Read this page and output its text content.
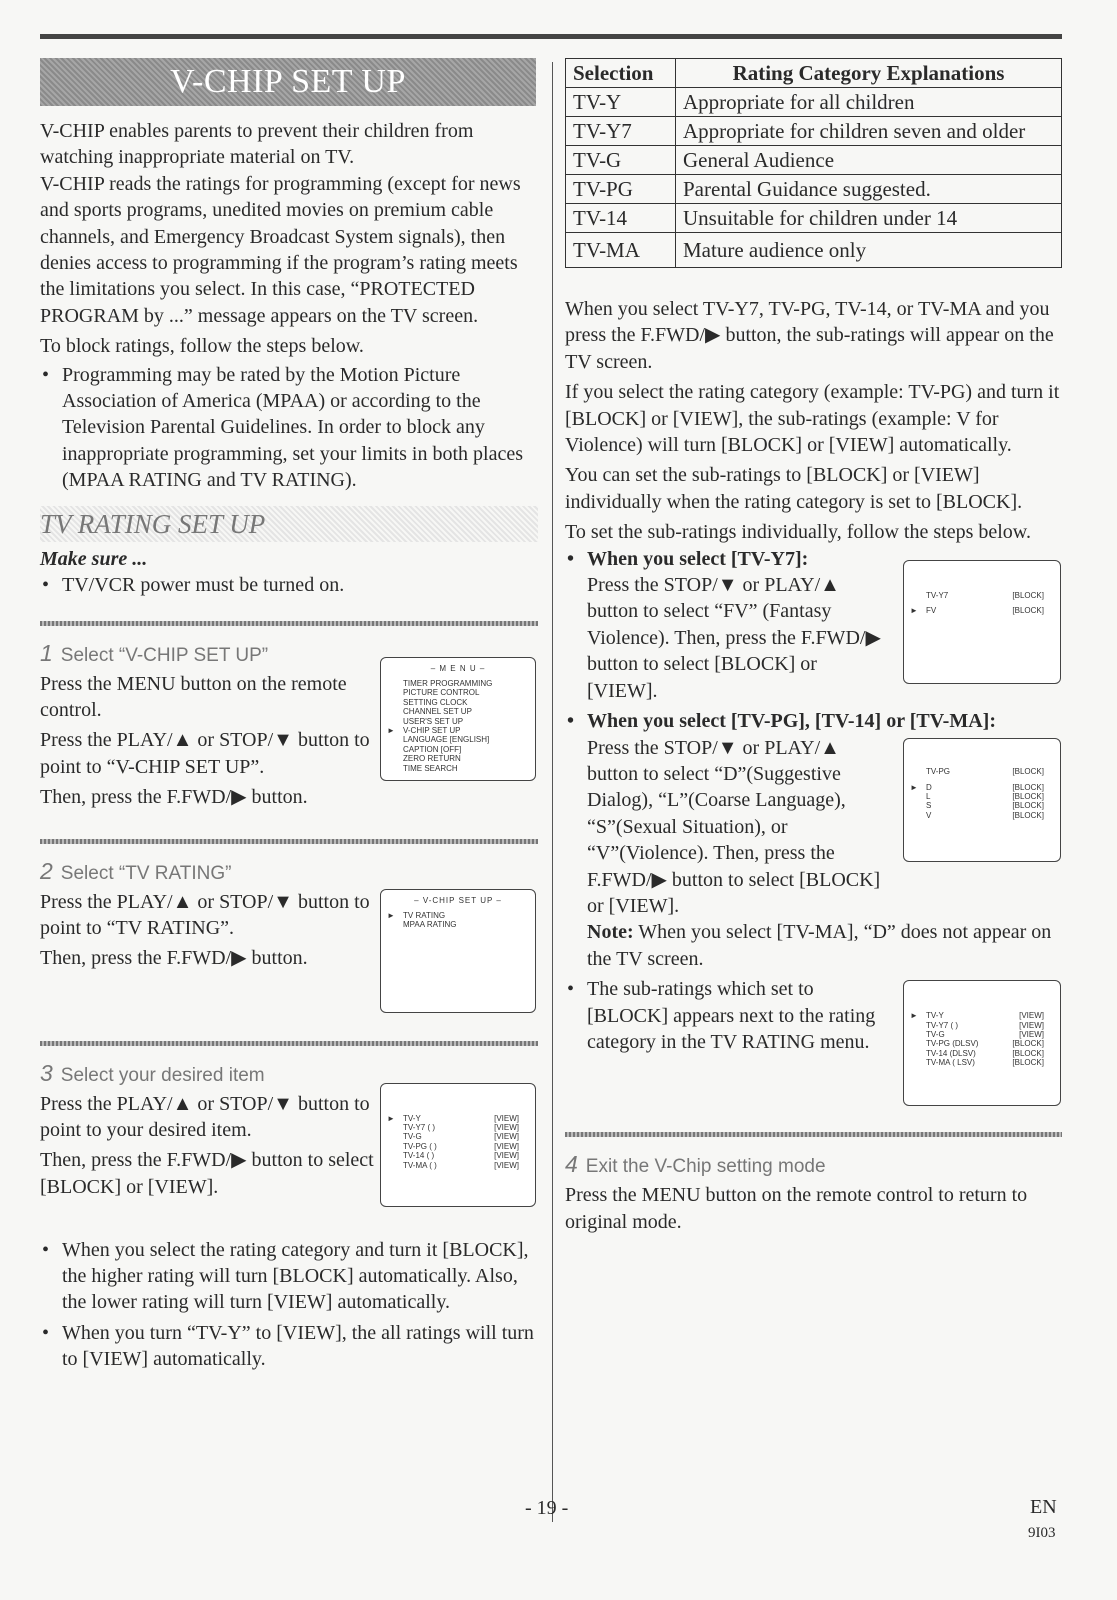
V-CHIP SET UP

V-CHIP enables parents to prevent their children from watching inappropriate material on TV.

V-CHIP reads the ratings for programming (except for news and sports programs, unedited movies on premium cable channels, and Emergency Broadcast System signals), then denies access to programming if the program’s rating meets the limitations you select. In this case, “PROTECTED PROGRAM by ...” message appears on the TV screen.

To block ratings, follow the steps below.

• Programming may be rated by the Motion Picture Association of America (MPAA) or according to the Television Parental Guidelines. In order to block any inappropriate programming, set your limits in both places (MPAA RATING and TV RATING).

TV RATING SET UP

Make sure ...

• TV/VCR power must be turned on.

1 Select “V-CHIP SET UP”

Press the MENU button on the remote control.

Press the PLAY/▲ or STOP/▼ button to point to “V-CHIP SET UP”.

Then, press the F.FWD/▶ button.

– M E N U –
TIMER PROGRAMMING
PICTURE CONTROL
SETTING CLOCK
CHANNEL SET UP
USER'S SET UP
► V-CHIP SET UP
LANGUAGE [ENGLISH]
CAPTION [OFF]
ZERO RETURN
TIME SEARCH
2 Select “TV RATING”

Press the PLAY/▲ or STOP/▼ button to point to “TV RATING”.

Then, press the F.FWD/▶ button.

– V-CHIP SET UP –
► TV RATING
MPAA RATING
3 Select your desired item

Press the PLAY/▲ or STOP/▼ button to point to your desired item.

Then, press the F.FWD/▶ button to select [BLOCK] or [VIEW].

► TV-Y	[VIEW]
TV-Y7 ( )	[VIEW]
TV-G	[VIEW]
TV-PG ( )	[VIEW]
TV-14 ( )	[VIEW]
TV-MA ( )	[VIEW]

• When you select the rating category and turn it [BLOCK], the higher rating will turn [BLOCK] automatically. Also, the lower rating will turn [VIEW] automatically.

• When you turn “TV-Y” to [VIEW], the all ratings will turn to [VIEW] automatically.

Selection	Rating Category Explanations
TV-Y	Appropriate for all children
TV-Y7	Appropriate for children seven and older
TV-G	General Audience
TV-PG	Parental Guidance suggested.
TV-14	Unsuitable for children under 14
TV-MA	Mature audience only

When you select TV-Y7, TV-PG, TV-14, or TV-MA and you press the F.FWD/▶ button, the sub-ratings will appear on the TV screen.

If you select the rating category (example: TV-PG) and turn it [BLOCK] or [VIEW], the sub-ratings (example: V for Violence) will turn [BLOCK] or [VIEW] automatically.

You can set the sub-ratings to [BLOCK] or [VIEW] individually when the rating category is set to [BLOCK].

To set the sub-ratings individually, follow the steps below.

• When you select [TV-Y7]:

Press the STOP/▼ or PLAY/▲ button to select “FV” (Fantasy Violence). Then, press the F.FWD/▶ button to select [BLOCK] or [VIEW].

TV-Y7	[BLOCK]
► FV	[BLOCK]

• When you select [TV-PG], [TV-14] or [TV-MA]:

Press the STOP/▼ or PLAY/▲ button to select “D”(Suggestive Dialog), “L”(Coarse Language), “S”(Sexual Situation), or “V”(Violence). Then, press the F.FWD/▶ button to select [BLOCK] or [VIEW].

Note: When you select [TV-MA], “D” does not appear on the TV screen.

TV-PG	[BLOCK]
► D	[BLOCK]
L	[BLOCK]
S	[BLOCK]
V	[BLOCK]

• The sub-ratings which set to [BLOCK] appears next to the rating category in the TV RATING menu.

► TV-Y	[VIEW]
TV-Y7 ( )	[VIEW]
TV-G	[VIEW]
TV-PG (DLSV)	[BLOCK]
TV-14 (DLSV)	[BLOCK]
TV-MA ( LSV)	[BLOCK]
4 Exit the V-Chip setting mode

Press the MENU button on the remote control to return to original mode.

- 19 -	EN
9I03
